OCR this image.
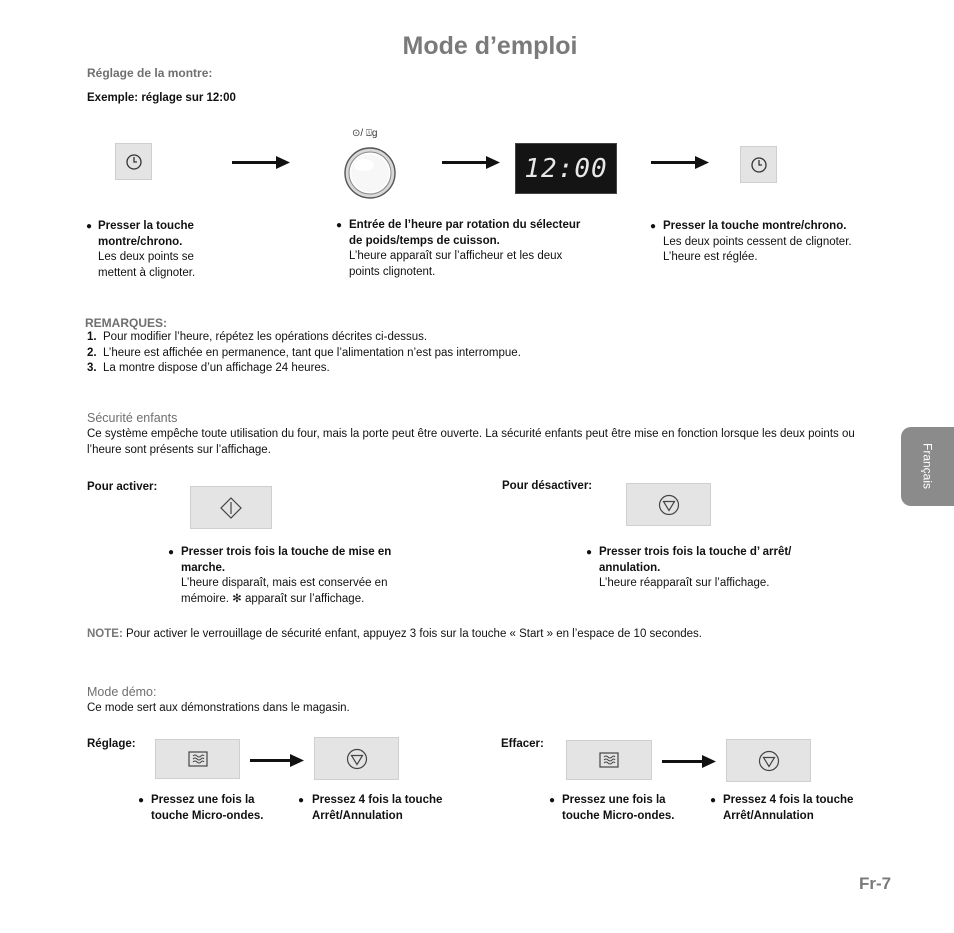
Mode d’emploi
Réglage de la montre:
Exemple: réglage sur 12:00
⊙/ ⍍g
12:00
● Presser la touche montre/chrono.
Les deux points se mettent à clignoter.
● Entrée de l’heure par rotation du sélecteur de poids/temps de cuisson.
L’heure apparaît sur l’afficheur et les deux points clignotent.
● Presser la touche montre/chrono.
Les deux points cessent de clignoter.
L’heure est réglée.
REMARQUES:
1. Pour modifier l’heure, répétez les opérations décrites ci-dessus.
2. L’heure est affichée en permanence, tant que l’alimentation n’est pas interrompue.
3. La montre dispose d’un affichage 24 heures.
Sécurité enfants
Ce système empêche toute utilisation du four, mais la porte peut être ouverte. La sécurité enfants peut être mise en fonction lorsque les deux points ou l’heure sont présents sur l’affichage.
Pour activer:	Pour désactiver:
● Presser trois fois la touche de mise en marche.
L’heure disparaît, mais est conservée en mémoire. ✻ apparaît sur l’affichage.
● Presser trois fois la touche d’ arrêt/ annulation.
L’heure réapparaît sur l’affichage.
NOTE: Pour activer le verrouillage de sécurité enfant, appuyez 3 fois sur la touche « Start » en l’espace de 10 secondes.
Mode démo:
Ce mode sert aux démonstrations dans le magasin.
Réglage:	Effacer:
● Pressez une fois la touche Micro-ondes.
● Pressez 4 fois la touche Arrêt/Annulation
● Pressez une fois la touche Micro-ondes.
● Pressez 4 fois la touche Arrêt/Annulation
Français
Fr-7
